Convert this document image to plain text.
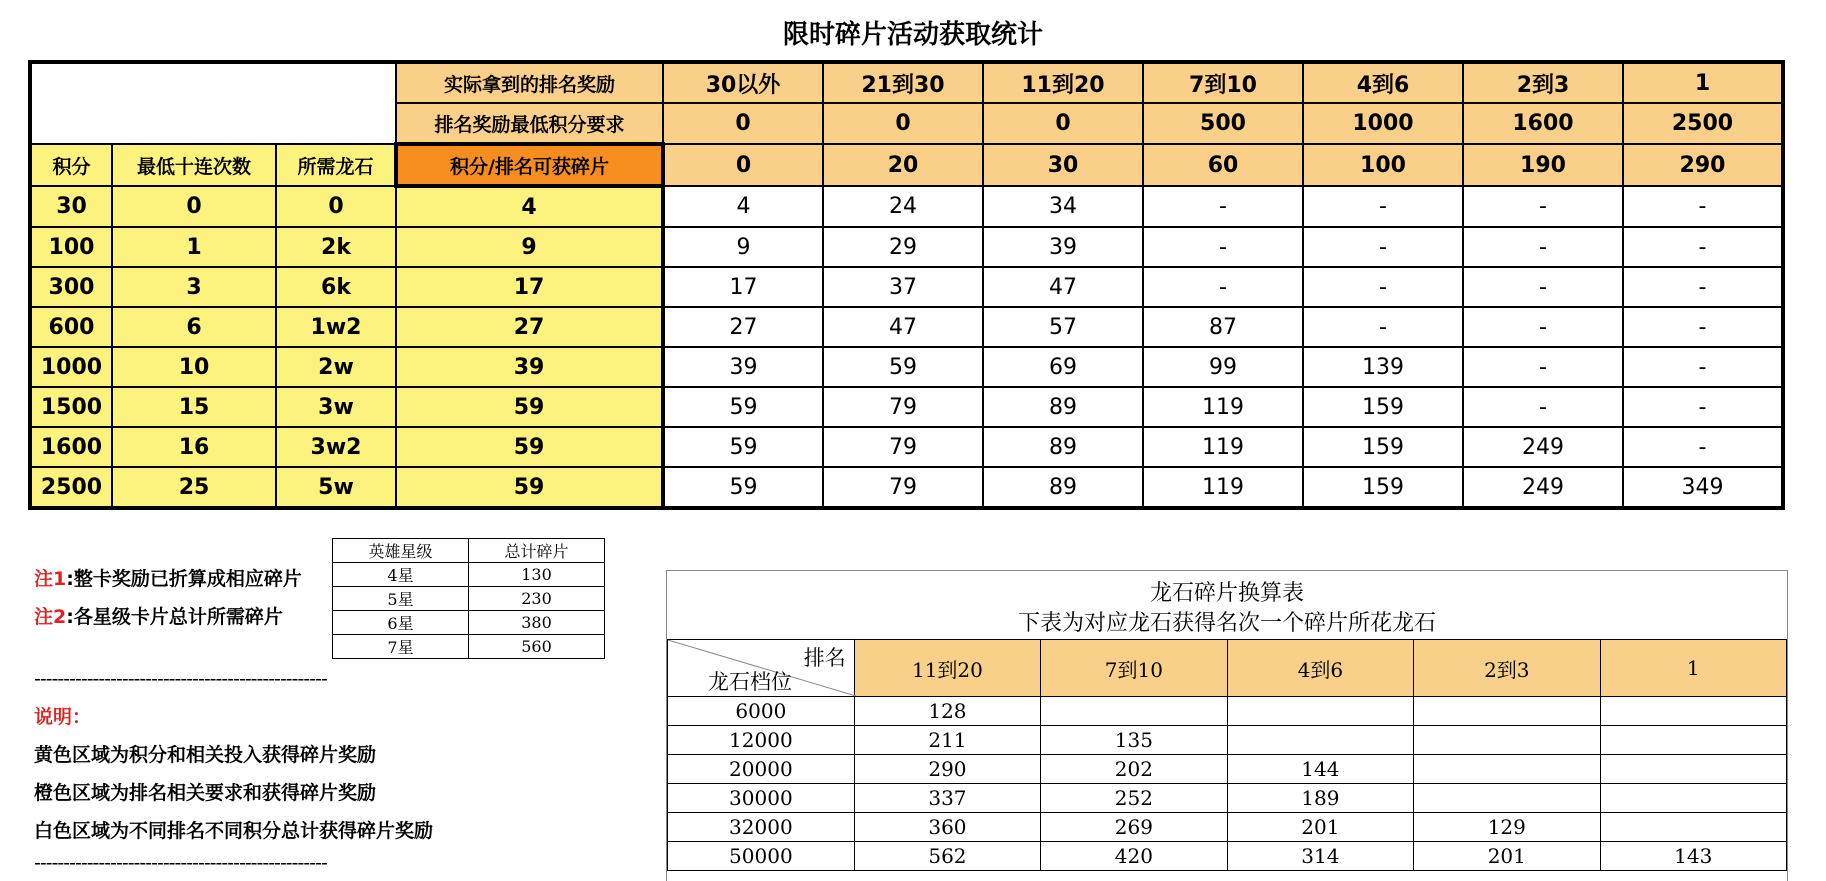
限时碎片活动获取统计
			实际拿到的排名奖励	30以外	21到30	11到20	7到10	4到6	2到3	1
			排名奖励最低积分要求	0	0	0	500	1000	1600	2500
积分	最低十连次数	所需龙石	积分/排名可获碎片	0	20	30	60	100	190	290
30	0	0	4	4	24	34	-	-	-	-
100	1	2k	9	9	29	39	-	-	-	-
300	3	6k	17	17	37	47	-	-	-	-
600	6	1w2	27	27	47	57	87	-	-	-
1000	10	2w	39	39	59	69	99	139	-	-
1500	15	3w	59	59	79	89	119	159	-	-
1600	16	3w2	59	59	79	89	119	159	249	-
2500	25	5w	59	59	79	89	119	159	249	349
注1:整卡奖励已折算成相应碎片
注2:各星级卡片总计所需碎片
--------------------------------------------------
说明：
黄色区域为积分和相关投入获得碎片奖励
橙色区域为排名相关要求和获得碎片奖励
白色区域为不同排名不同积分总计获得碎片奖励
--------------------------------------------------
英雄星级	总计碎片
4星	130
5星	230
6星	380
7星	560
龙石碎片换算表
下表为对应龙石获得名次一个碎片所花龙石
排名
龙石档位	11到20	7到10	4到6	2到3	1
6000	128				
12000	211	135			
20000	290	202	144		
30000	337	252	189		
32000	360	269	201	129	
50000	562	420	314	201	143
